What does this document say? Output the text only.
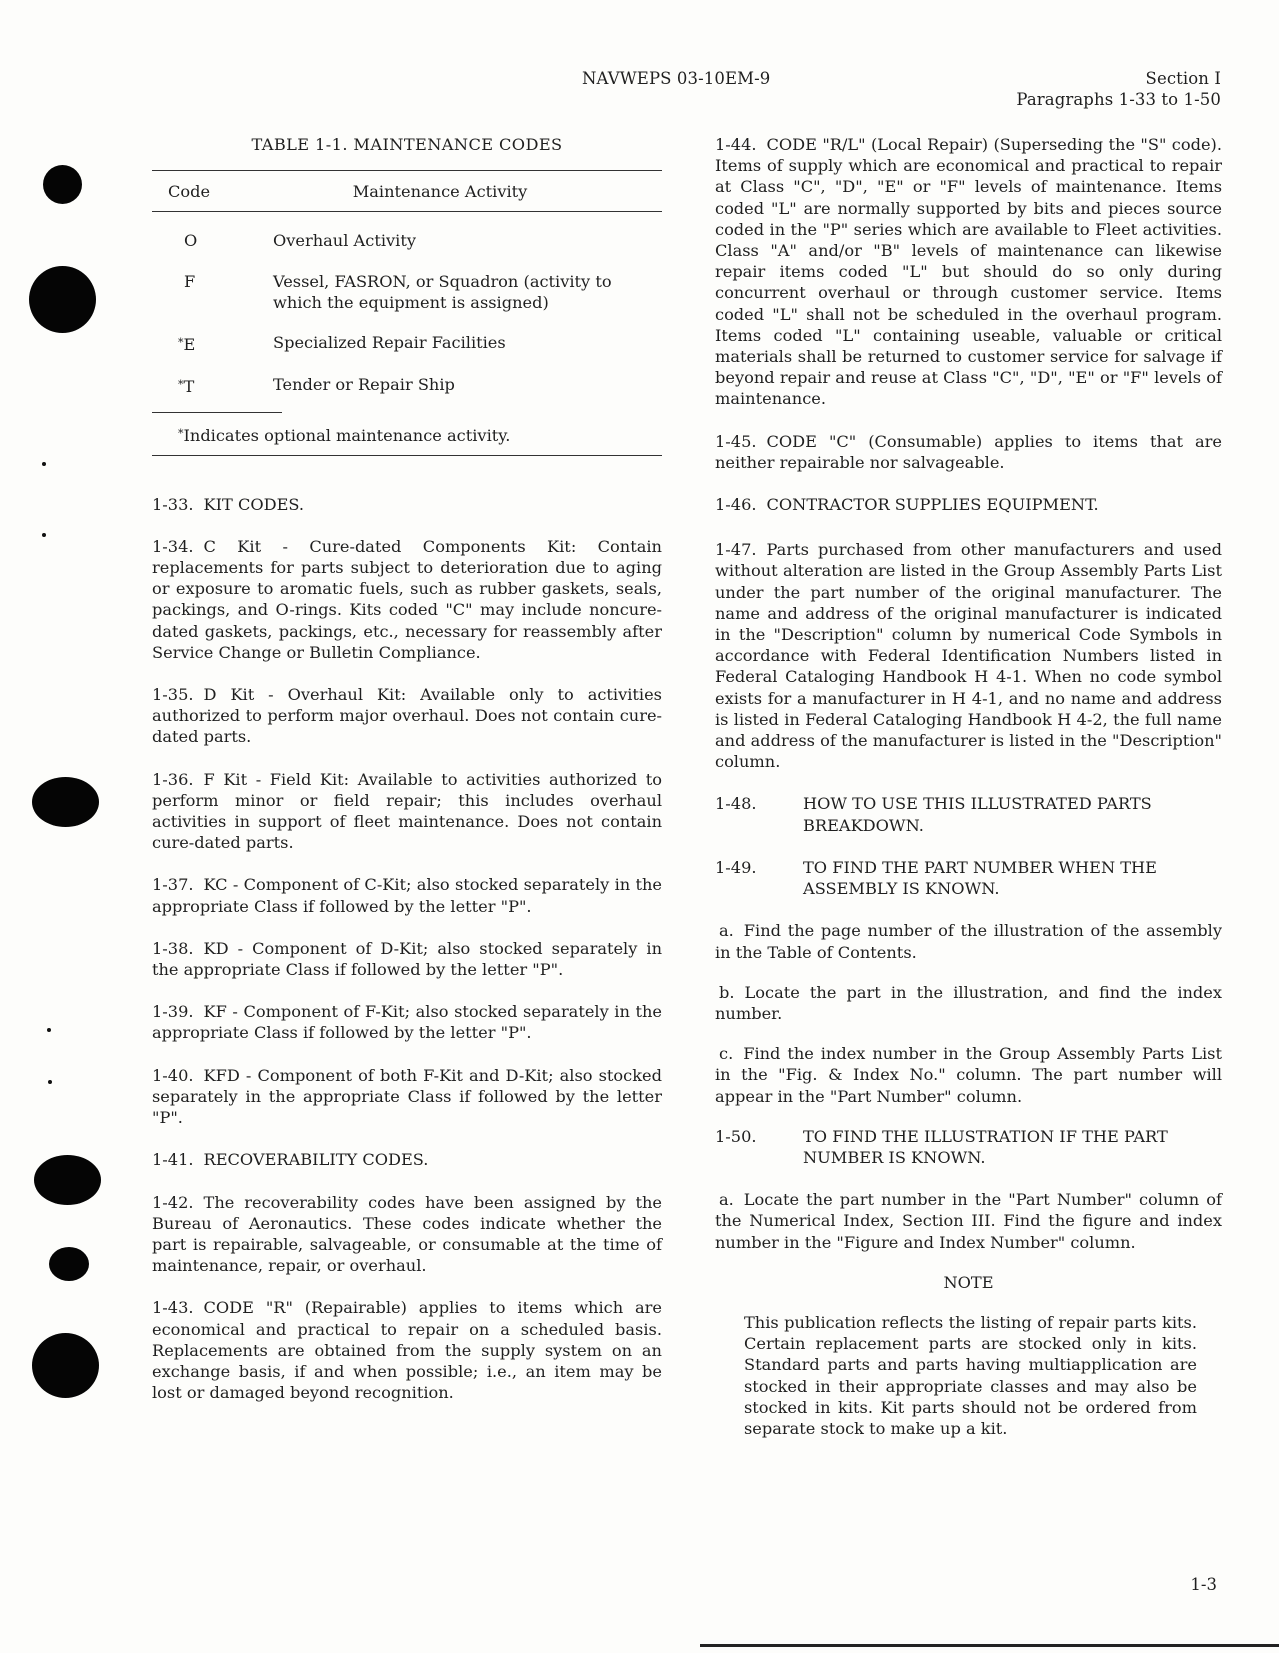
NAVWEPS 03-10EM-9	Section I
Paragraphs 1-33 to 1-50
TABLE 1-1. MAINTENANCE CODES
Code	Maintenance Activity
O	Overhaul Activity
F	Vessel, FASRON, or Squadron (activity to which the equipment is assigned)
*E	Specialized Repair Facilities
*T	Tender or Repair Ship
*Indicates optional maintenance activity.

1-33. KIT CODES.

1-34. C Kit - Cure-dated Components Kit: Contain replacements for parts subject to deterioration due to aging or exposure to aromatic fuels, such as rubber gaskets, seals, packings, and O-rings. Kits coded "C" may include noncure-dated gaskets, packings, etc., necessary for reassembly after Service Change or Bulletin Compliance.

1-35. D Kit - Overhaul Kit: Available only to activities authorized to perform major overhaul. Does not contain cure-dated parts.

1-36. F Kit - Field Kit: Available to activities authorized to perform minor or field repair; this includes overhaul activities in support of fleet maintenance. Does not contain cure-dated parts.

1-37. KC - Component of C-Kit; also stocked separately in the appropriate Class if followed by the letter "P".

1-38. KD - Component of D-Kit; also stocked separately in the appropriate Class if followed by the letter "P".

1-39. KF - Component of F-Kit; also stocked separately in the appropriate Class if followed by the letter "P".

1-40. KFD - Component of both F-Kit and D-Kit; also stocked separately in the appropriate Class if followed by the letter "P".

1-41. RECOVERABILITY CODES.

1-42. The recoverability codes have been assigned by the Bureau of Aeronautics. These codes indicate whether the part is repairable, salvageable, or consumable at the time of maintenance, repair, or overhaul.

1-43. CODE "R" (Repairable) applies to items which are economical and practical to repair on a scheduled basis. Replacements are obtained from the supply system on an exchange basis, if and when possible; i.e., an item may be lost or damaged beyond recognition.

1-44. CODE "R/L" (Local Repair) (Superseding the "S" code). Items of supply which are economical and practical to repair at Class "C", "D", "E" or "F" levels of maintenance. Items coded "L" are normally supported by bits and pieces source coded in the "P" series which are available to Fleet activities. Class "A" and/or "B" levels of maintenance can likewise repair items coded "L" but should do so only during concurrent overhaul or through customer service. Items coded "L" shall not be scheduled in the overhaul program. Items coded "L" containing useable, valuable or critical materials shall be returned to customer service for salvage if beyond repair and reuse at Class "C", "D", "E" or "F" levels of maintenance.

1-45. CODE "C" (Consumable) applies to items that are neither repairable nor salvageable.

1-46. CONTRACTOR SUPPLIES EQUIPMENT.

1-47. Parts purchased from other manufacturers and used without alteration are listed in the Group Assembly Parts List under the part number of the original manufacturer. The name and address of the original manufacturer is indicated in the "Description" column by numerical Code Symbols in accordance with Federal Identification Numbers listed in Federal Cataloging Handbook H 4-1. When no code symbol exists for a manufacturer in H 4-1, and no name and address is listed in Federal Cataloging Handbook H 4-2, the full name and address of the manufacturer is listed in the "Description" column.

1-48.	HOW TO USE THIS ILLUSTRATED PARTS BREAKDOWN.
1-49.	TO FIND THE PART NUMBER WHEN THE ASSEMBLY IS KNOWN.
a. Find the page number of the illustration of the assembly in the Table of Contents.
b. Locate the part in the illustration, and find the index number.
c. Find the index number in the Group Assembly Parts List in the "Fig. & Index No." column. The part number will appear in the "Part Number" column.
1-50.	TO FIND THE ILLUSTRATION IF THE PART NUMBER IS KNOWN.
a. Locate the part number in the "Part Number" column of the Numerical Index, Section III. Find the figure and index number in the "Figure and Index Number" column.
NOTE

This publication reflects the listing of repair parts kits. Certain replacement parts are stocked only in kits. Standard parts and parts having multiapplication are stocked in their appropriate classes and may also be stocked in kits. Kit parts should not be ordered from separate stock to make up a kit.

1-3
